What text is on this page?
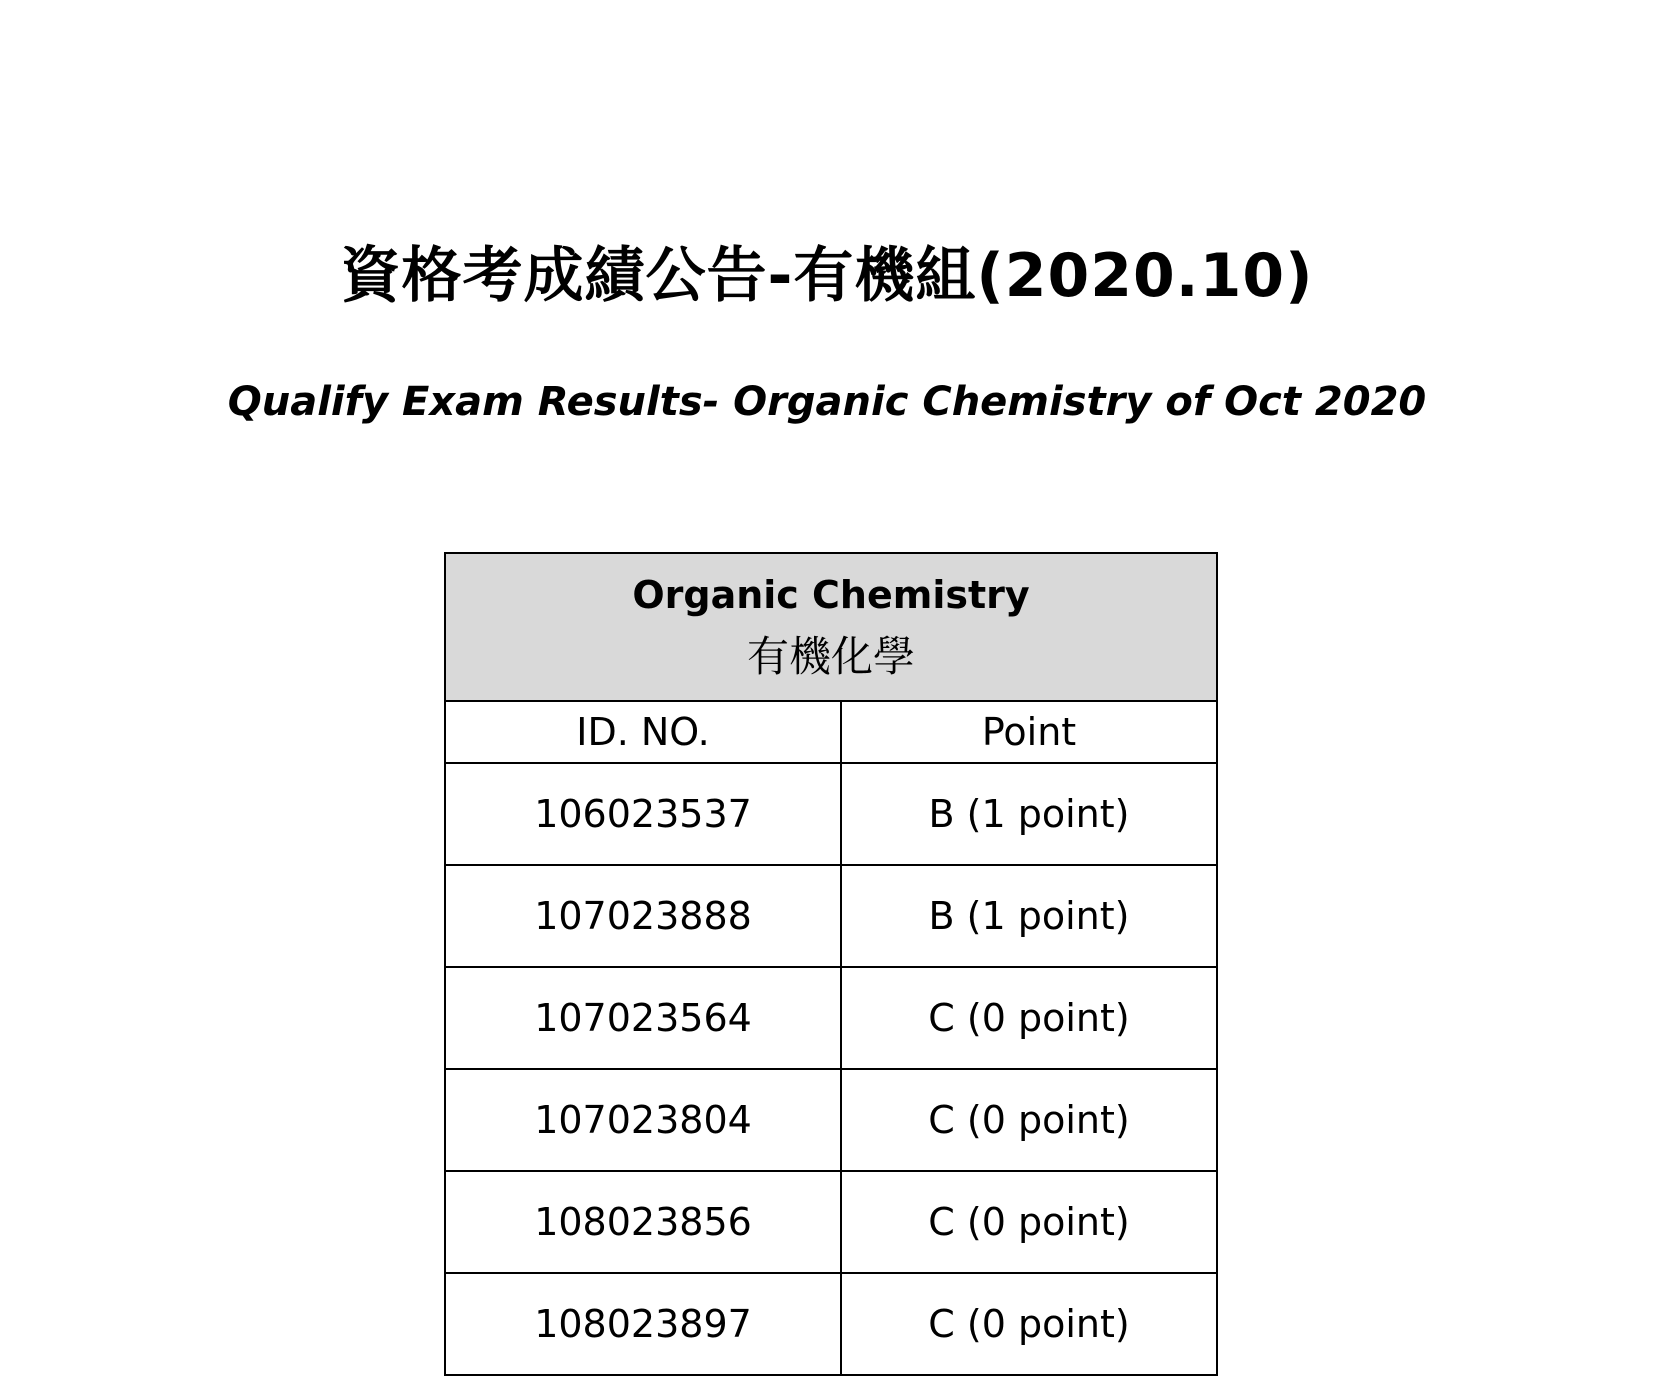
資格考成績公告-有機組(2020.10)
Qualify Exam Results- Organic Chemistry of Oct 2020
Organic Chemistry
有機化學	

ID. NO.	Point
106023537	B (1 point)
107023888	B (1 point)
107023564	C (0 point)
107023804	C (0 point)
108023856	C (0 point)
108023897	C (0 point)
